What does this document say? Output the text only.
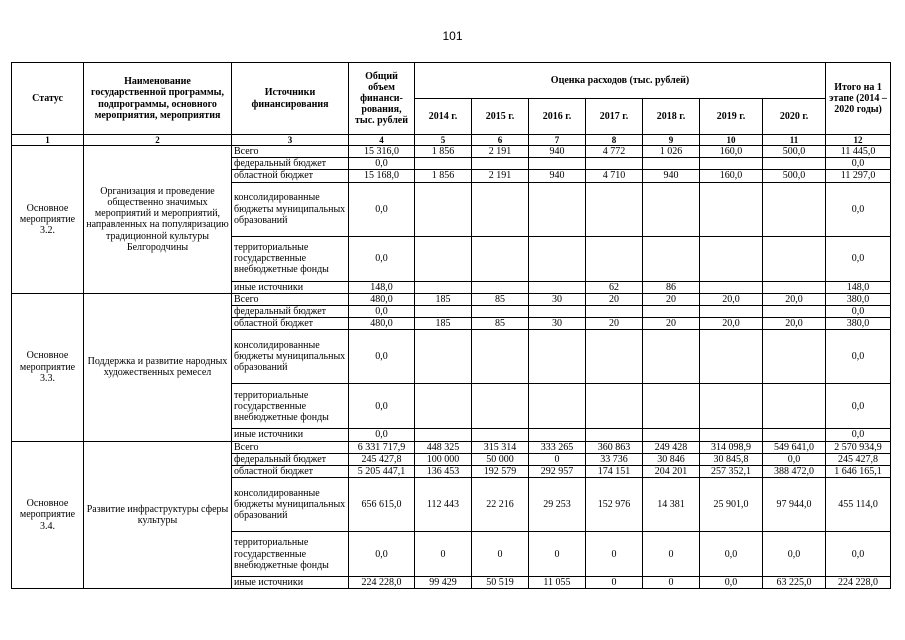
101
Статус	Наименование государственной программы, подпрограммы, основного мероприятия, мероприятия	Источники финансирования	Общий объем финанси-рования, тыс. рублей	Оценка расходов (тыс. рублей)							Итого на 1 этапе (2014 – 2020 годы)
				2014 г.	2015 г.	2016 г.	2017 г.	2018 г.	2019 г.	2020 г.	
1	2	3	4	5	6	7	8	9	10	11	12
Основное мероприятие 3.2.	Организация и проведение общественно значимых мероприятий и мероприятий, направленных на популяризацию традиционной культуры Белгородчины	Всего	15 316,0	1 856	2 191	940	4 772	1 026	160,0	500,0	11 445,0
		федеральный бюджет	0,0								0,0
		областной бюджет	15 168,0	1 856	2 191	940	4 710	940	160,0	500,0	11 297,0
		консолидированные бюджеты муниципальных образований	0,0								0,0
		территориальные государственные внебюджетные фонды	0,0								0,0
		иные источники	148,0				62	86			148,0
Основное мероприятие 3.3.	Поддержка и развитие народных художественных ремесел	Всего	480,0	185	85	30	20	20	20,0	20,0	380,0
		федеральный бюджет	0,0								0,0
		областной бюджет	480,0	185	85	30	20	20	20,0	20,0	380,0
		консолидированные бюджеты муниципальных образований	0,0								0,0
		территориальные государственные внебюджетные фонды	0,0								0,0
		иные источники	0,0								0,0
Основное мероприятие 3.4.	Развитие инфраструктуры сферы культуры	Всего	6 331 717,9	448 325	315 314	333 265	360 863	249 428	314 098,9	549 641,0	2 570 934,9
		федеральный бюджет	245 427,8	100 000	50 000	0	33 736	30 846	30 845,8	0,0	245 427,8
		областной бюджет	5 205 447,1	136 453	192 579	292 957	174 151	204 201	257 352,1	388 472,0	1 646 165,1
		консолидированные бюджеты муниципальных образований	656 615,0	112 443	22 216	29 253	152 976	14 381	25 901,0	97 944,0	455 114,0
		территориальные государственные внебюджетные фонды	0,0	0	0	0	0	0	0,0	0,0	0,0
		иные источники	224 228,0	99 429	50 519	11 055	0	0	0,0	63 225,0	224 228,0
